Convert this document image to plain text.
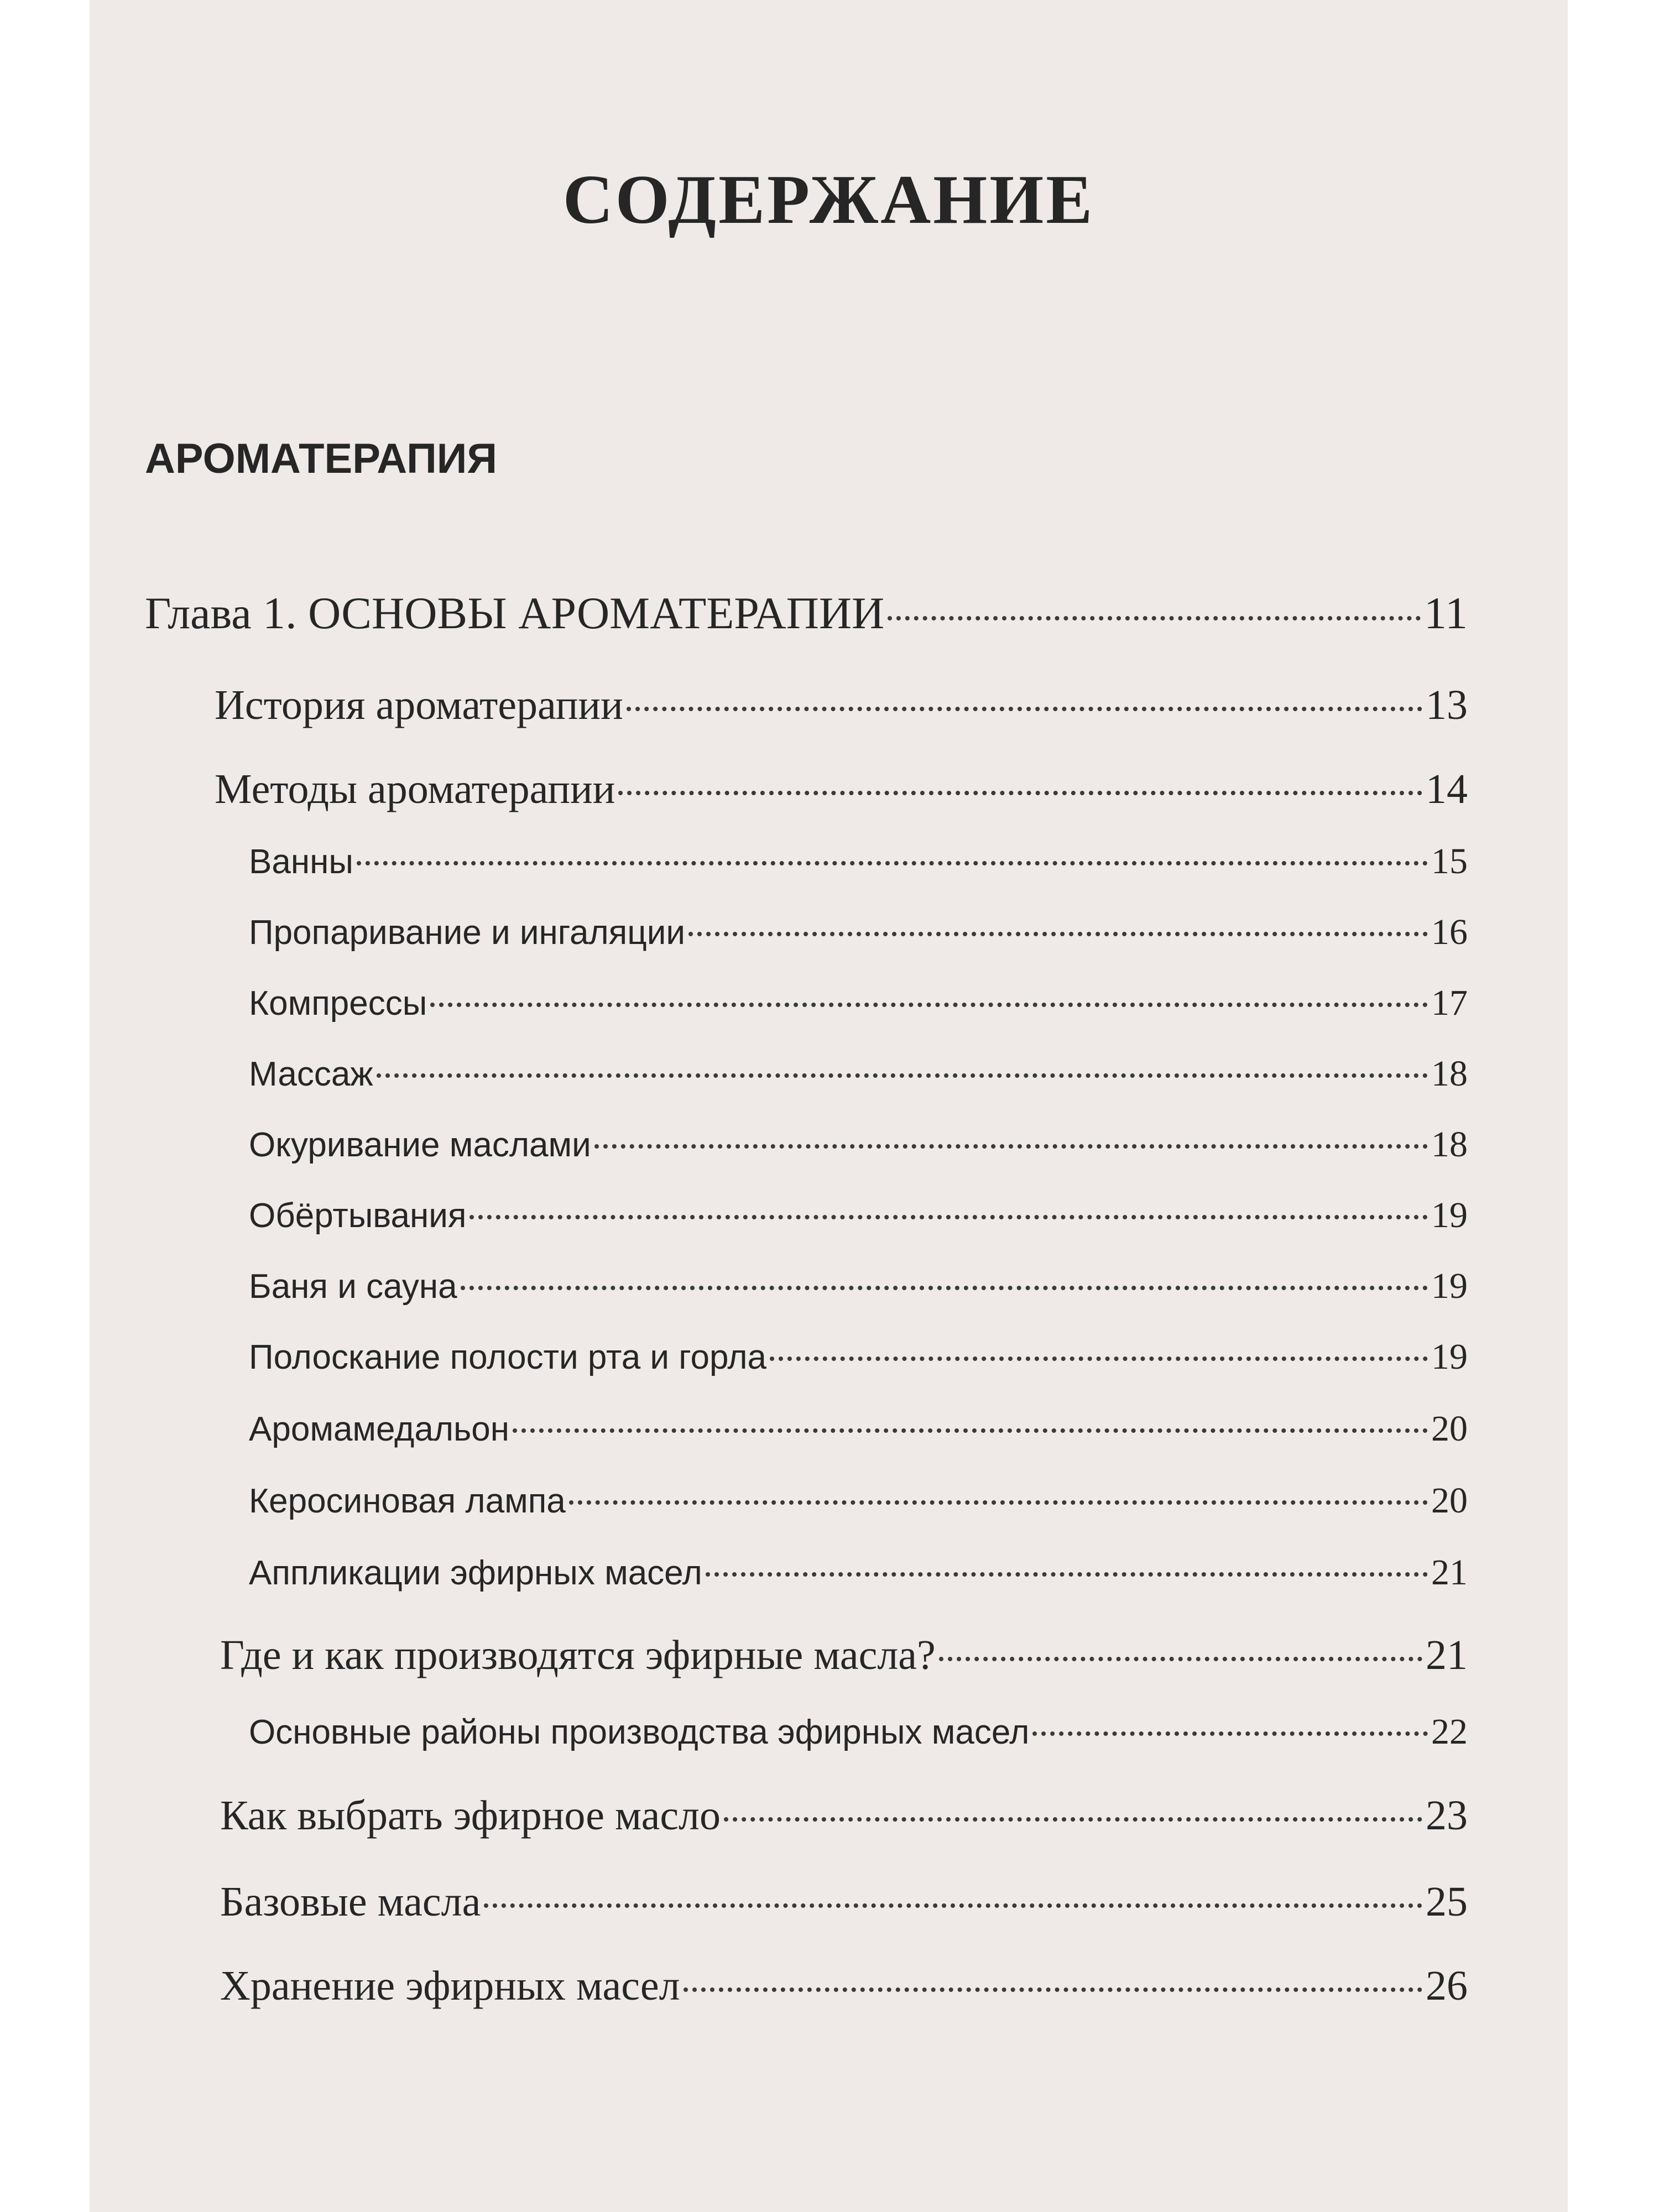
СОДЕРЖАНИЕ
АРОМАТЕРАПИЯ
Глава 1. ОСНОВЫ АРОМАТЕРАПИИ	11
История ароматерапии	13
Методы ароматерапии	14
Ванны	15
Пропаривание и ингаляции	16
Компрессы	17
Массаж	18
Окуривание маслами	18
Обёртывания	19
Баня и сауна	19
Полоскание полости рта и горла	19
Аромамедальон	20
Керосиновая лампа	20
Аппликации эфирных масел	21
Где и как производятся эфирные масла?	21
Основные районы производства эфирных масел	22
Как выбрать эфирное масло	23
Базовые масла	25
Хранение эфирных масел	26
